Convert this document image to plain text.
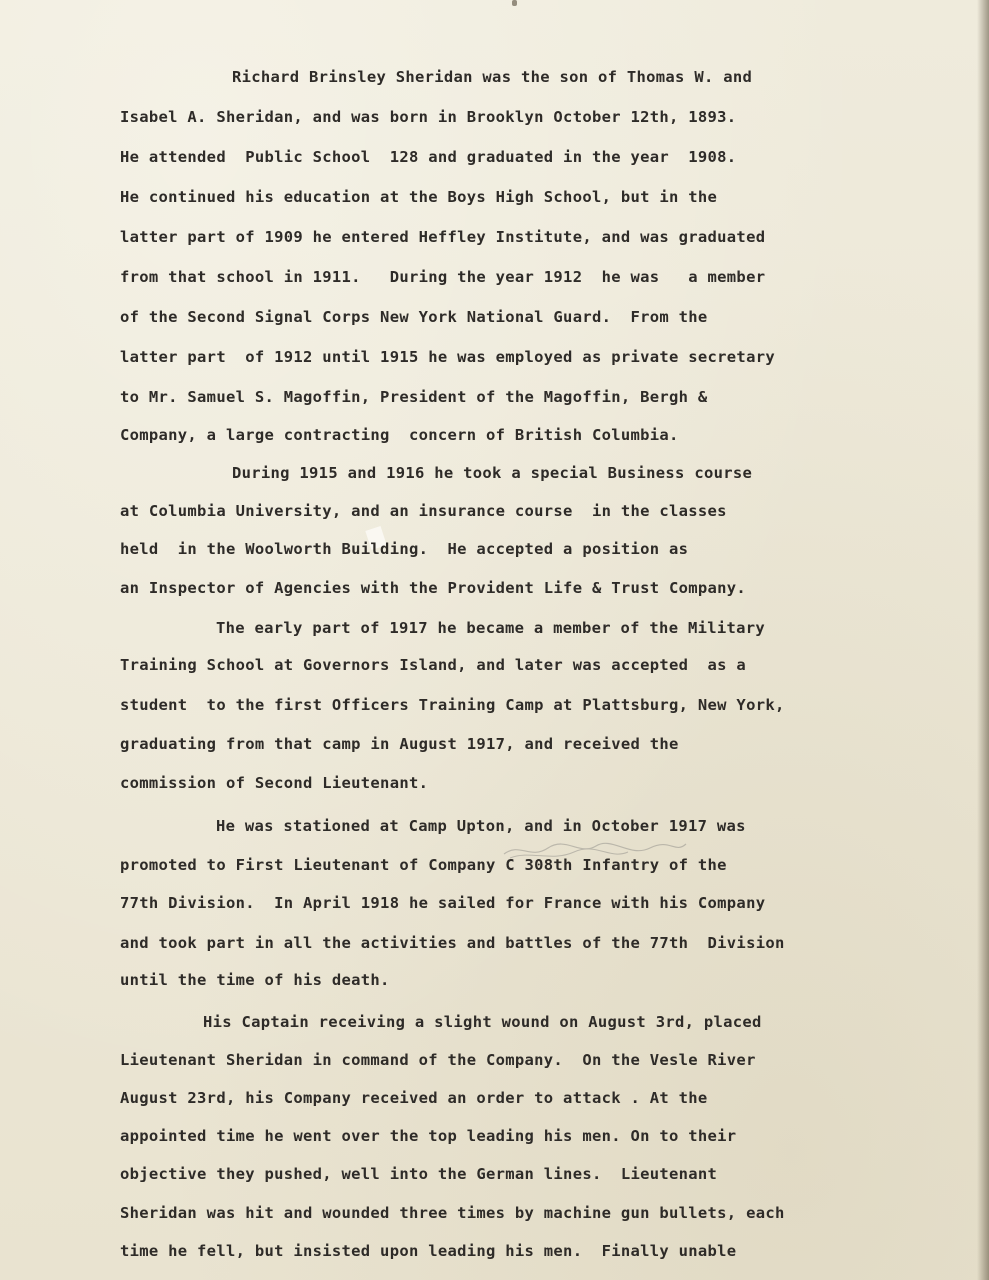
Richard Brinsley Sheridan was the son of Thomas W. and
Isabel A. Sheridan, and was born in Brooklyn October 12th, 1893.
He attended  Public School  128 and graduated in the year  1908.
He continued his education at the Boys High School, but in the
latter part of 1909 he entered Heffley Institute, and was graduated
from that school in 1911.   During the year 1912  he was   a member
of the Second Signal Corps New York National Guard.  From the
latter part  of 1912 until 1915 he was employed as private secretary
to Mr. Samuel S. Magoffin, President of the Magoffin, Bergh &
Company, a large contracting  concern of British Columbia.
During 1915 and 1916 he took a special Business course
at Columbia University, and an insurance course  in the classes
held  in the Woolworth Building.  He accepted a position as
an Inspector of Agencies with the Provident Life & Trust Company.
The early part of 1917 he became a member of the Military
Training School at Governors Island, and later was accepted  as a
student  to the first Officers Training Camp at Plattsburg, New York,
graduating from that camp in August 1917, and received the
commission of Second Lieutenant.
He was stationed at Camp Upton, and in October 1917 was
promoted to First Lieutenant of Company C 308th Infantry of the
77th Division.  In April 1918 he sailed for France with his Company
and took part in all the activities and battles of the 77th  Division
until the time of his death.
His Captain receiving a slight wound on August 3rd, placed
Lieutenant Sheridan in command of the Company.  On the Vesle River
August 23rd, his Company received an order to attack . At the
appointed time he went over the top leading his men. On to their
objective they pushed, well into the German lines.  Lieutenant
Sheridan was hit and wounded three times by machine gun bullets, each
time he fell, but insisted upon leading his men.  Finally unable
